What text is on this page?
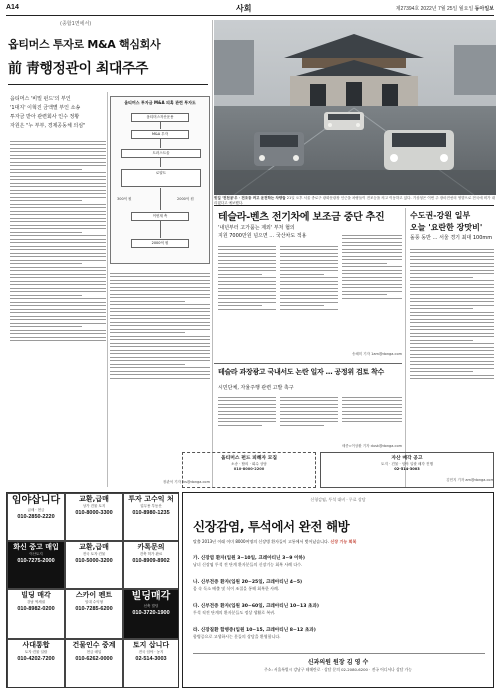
A14	사회	제27394호 2022년 7월 25일 월요일 동아일보
(종합1면에서)
옵티머스 투자로 M&A 핵심회사
前 靑행정관이 최대주주
옵티머스 '비밀 펀드'의 부인
'1대지' 이혁진 금액별 부인 소송
투자금 받아 관련회사 인수 정황
자원은 "누 부부, 경제공동체 의심"
장관석 기자 jks@donga.com
옵티머스 투자금 M&A 의혹 관련 투자도
옵티머스자산운용
M&A 투자
트러스트올
로얄트
300억 원	2000억 원
이헌재 측
2000억 원
빗길 '전천공'우 · 전조등 켜고 운전하는 차량들 21일 오후 서울 종로구 광화문광장 인근을 차량들이 전조등을 켜고 이동하고 있다. 기상청은 이번 주 장마전선의 영향으로 전국에 비가 내리겠다고 예보했다.
테슬라-벤츠 전기차에 보조금 중단 추진
'내년부터 고가품는 제외' 부처 협의
지원 7000만원 넘으면 … 국산차도 적용
송혜미 기자 1am@donga.com
수도권-강원 일부
오늘 '요란한 장맛비'
돌풍 동반 … 서울 경기 최대 100mm
김민지 기자 am@donga.com
테슬라 과장광고 국내서도 논란 일자 … 공정위 검토 착수
시민단체, 자율주행 관련 고발 촉구
세종=이상환 기자 dusk@donga.com
옵티머스 펀드 피해자 모집
소송 · 합의 · 회수 상담
010-8000-2200
자산 매각 공고
토지 · 건물 · 임야 일괄 매각 진행
02-514-3003
임야삽니다
급매 · 현금
010-2850-2220
교환,급매
상가 건물 토지
010-8000-3300
투자 고수익 처
업무용 부동산
010-8980-1235
화신 중고 매입
이산토지
010-7275-2000
교환,급매
전국 토지·건물
010-5000-3200
카톡문의
건축 허가 완료
010-8909-8902
빌딩 매각
강남 역세권
010-8982-0200
스카이 펜트
임대 수익형
010-7285-6200
빌딩매각
신축 빌딩
010-3720-1900
사대통합
토지·건물 일괄
010-4202-7200
건물인수 중계
현금 매입
010-6262-0000
토지 삽니다
전국 임야 · 농지
02-514-3003
신청감염, 투석 대비 · 무료 상담
신장감염, 투석에서 완전 해방
탈출 2013년 이래 이미 8000여명의 신장병 환자들이 고통에서 벗어났습니다. 신장 기능 회복
가. 신장염 환자(입원 3~10일, 크레아티닌 3~9 이하)
남녀 신장염 투석 전 단계 환자분들의 신장기능 회복 사례 다수.
나. 신부전증 환자(입원 20~25일, 크레아티닌 4~5)
몸 속 독소 배출 및 식이 조절을 통해 회복한 사례.
다. 신부전증 환자(입원 30~60일, 크레아티닌 10~13 초과)
투석 직전 단계의 환자분들도 정상 생활로 복귀.
라. 신장질환 합병증(입원 10~15, 크레아티닌 8~12 초과)
합병증으로 고생하시는 분들의 상담을 환영합니다.
신과의원 원장 김 영 수
주소: 서울특별시 강남구 테헤란로 · 상담 문의 02-2080-6200 · 전국 어디서나 상담 가능
